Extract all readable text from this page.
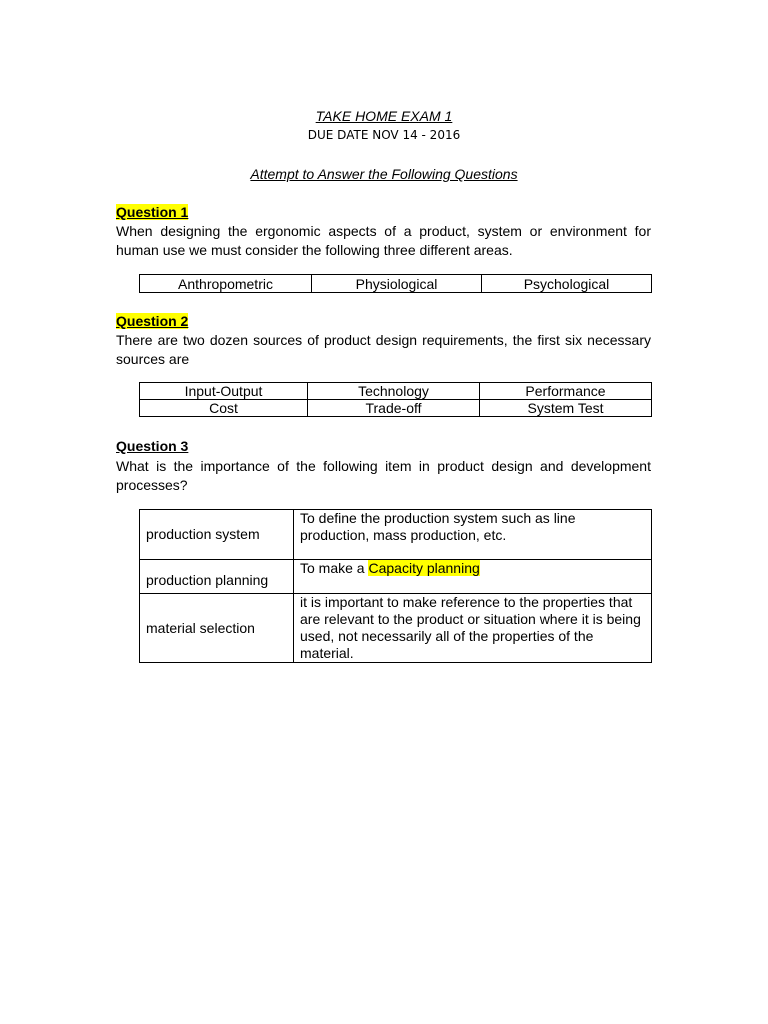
TAKE HOME EXAM 1
DUE DATE NOV 14 - 2016
Attempt to Answer the Following Questions
Question 1
When designing the ergonomic aspects of a product, system or environment for human use we must consider the following three different areas.
Anthropometric	Physiological	Psychological
Question 2
There are two dozen sources of product design requirements, the first six necessary sources are
Input-Output	Technology	Performance
Cost	Trade-off	System Test
Question 3
What is the importance of the following item in product design and development processes?
production system	To define the production system such as line production, mass production, etc.
production planning	To make a Capacity planning
material selection	it is important to make reference to the properties that are relevant to the product or situation where it is being used, not necessarily all of the properties of the material.
